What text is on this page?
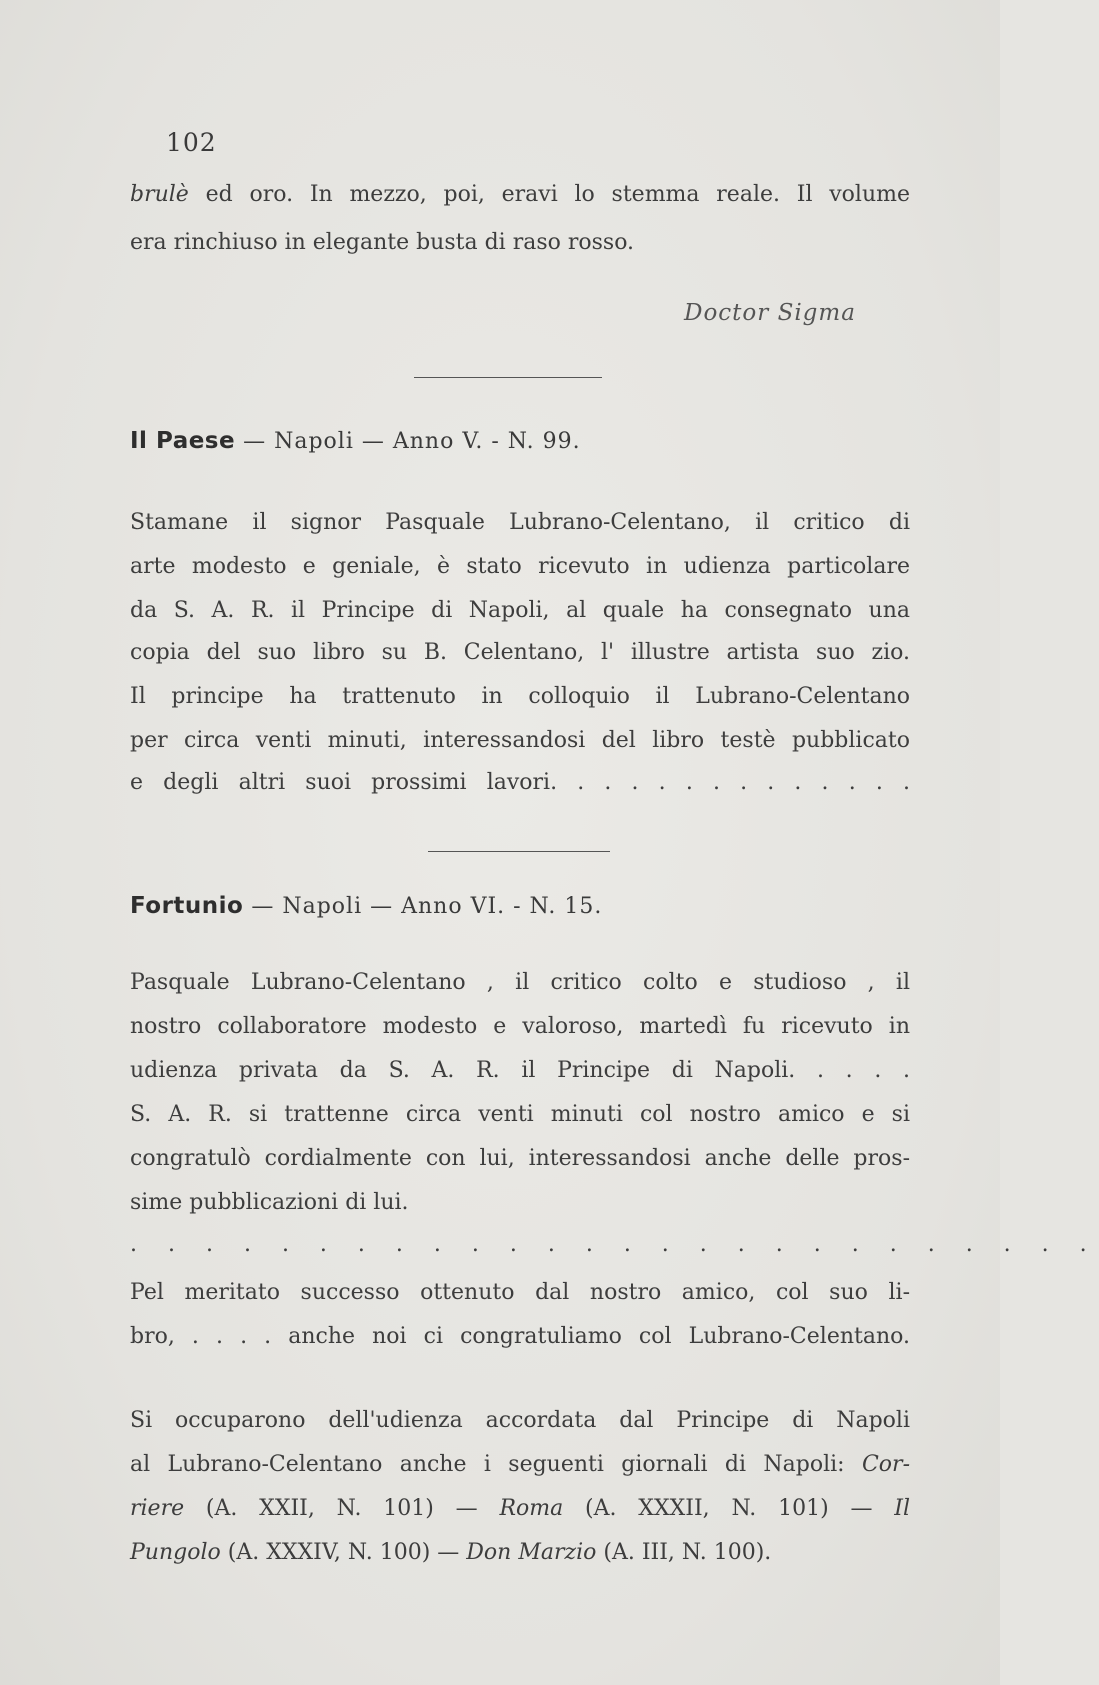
102
brulè ed oro. In mezzo, poi, eravi lo stemma reale. Il volume
era rinchiuso in elegante busta di raso rosso.
Doctor Sigma
Il Paese — Napoli — Anno V. - N. 99.
Stamane il signor Pasquale Lubrano-Celentano, il critico di
arte modesto e geniale, è stato ricevuto in udienza particolare
da S. A. R. il Principe di Napoli, al quale ha consegnato una
copia del suo libro su B. Celentano, l' illustre artista suo zio.
Il principe ha trattenuto in colloquio il Lubrano-Celentano
per circa venti minuti, interessandosi del libro testè pubblicato
e degli altri suoi prossimi lavori. . . . . . . . . . . . . .
Fortunio — Napoli — Anno VI. - N. 15.
Pasquale Lubrano-Celentano , il critico colto e studioso , il
nostro collaboratore modesto e valoroso, martedì fu ricevuto in
udienza privata da S. A. R. il Principe di Napoli. . . . .
S. A. R. si trattenne circa venti minuti col nostro amico e si
congratulò cordialmente con lui, interessandosi anche delle pros-
sime pubblicazioni di lui.
. . . . . . . . . . . . . . . . . . . . . . . . . .
Pel meritato successo ottenuto dal nostro amico, col suo li-
bro, . . . . anche noi ci congratuliamo col Lubrano-Celentano.
Si occuparono dell'udienza accordata dal Principe di Napoli
al Lubrano-Celentano anche i seguenti giornali di Napoli: Cor-
riere (A. XXII, N. 101) — Roma (A. XXXII, N. 101) — Il
Pungolo (A. XXXIV, N. 100) — Don Marzio (A. III, N. 100).
